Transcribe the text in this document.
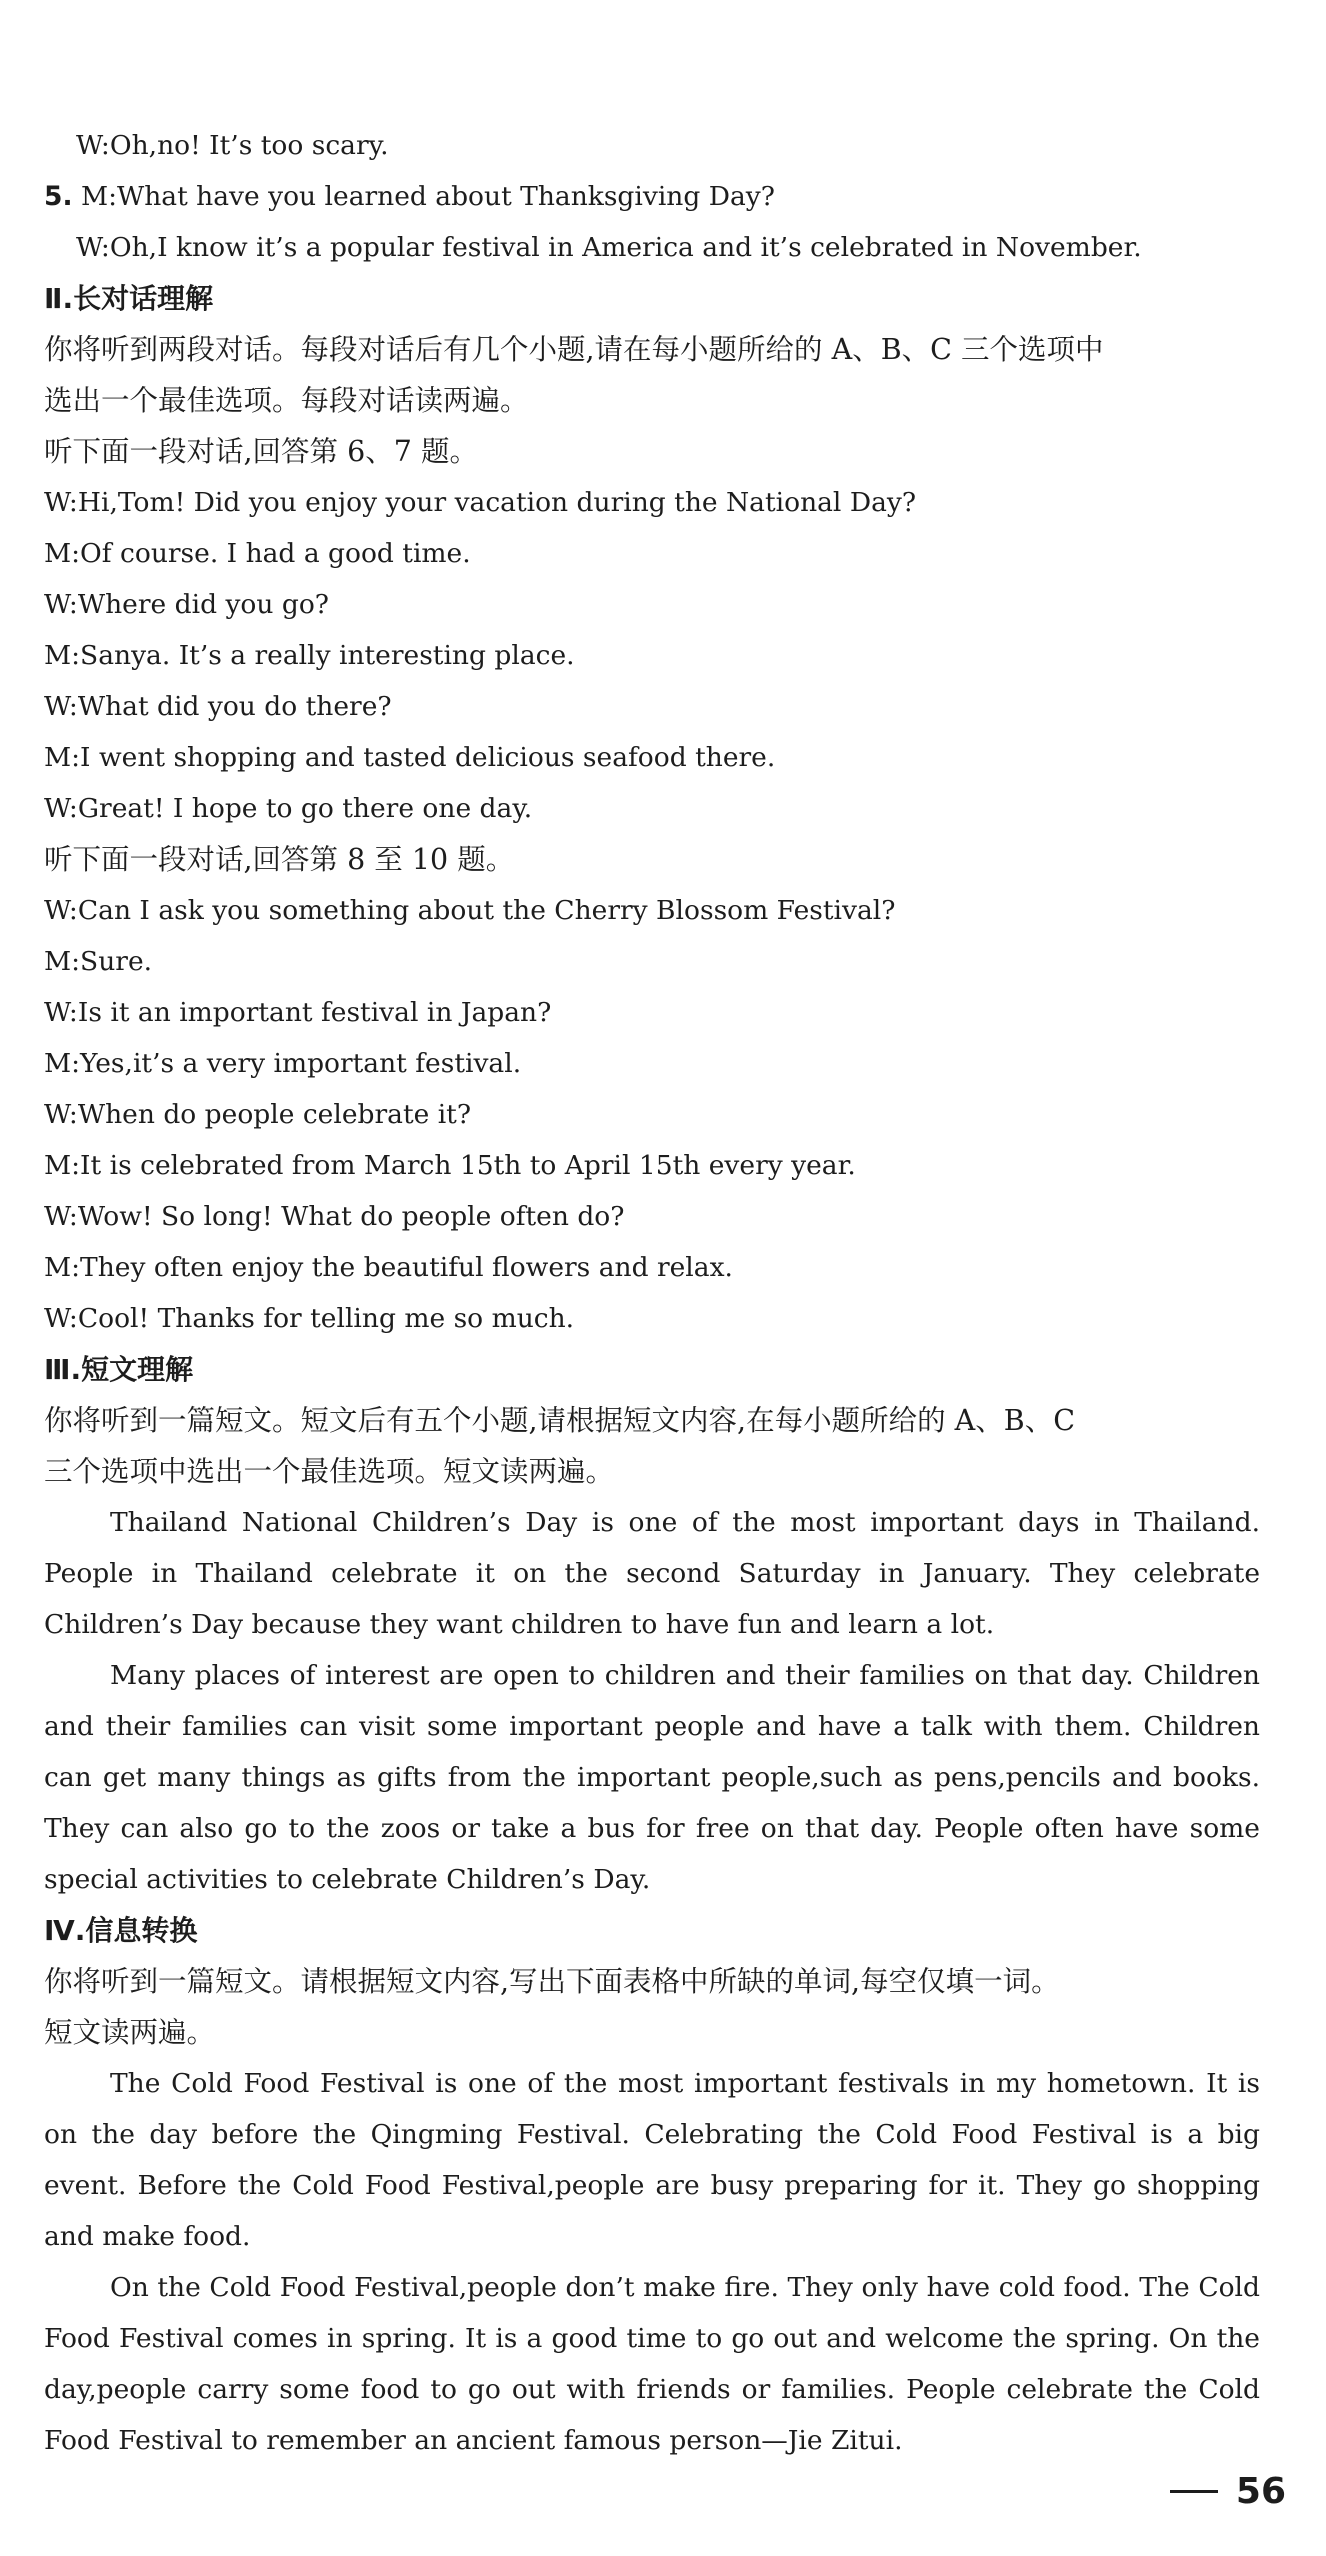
W:Oh,no! It’s too scary.
5. M:What have you learned about Thanksgiving Day?
W:Oh,I know it’s a popular festival in America and it’s celebrated in November.
Ⅱ.长对话理解
你将听到两段对话。每段对话后有几个小题,请在每小题所给的 A、B、C 三个选项中
选出一个最佳选项。每段对话读两遍。
听下面一段对话,回答第 6、7 题。
W:Hi,Tom! Did you enjoy your vacation during the National Day?
M:Of course. I had a good time.
W:Where did you go?
M:Sanya. It’s a really interesting place.
W:What did you do there?
M:I went shopping and tasted delicious seafood there.
W:Great! I hope to go there one day.
听下面一段对话,回答第 8 至 10 题。
W:Can I ask you something about the Cherry Blossom Festival?
M:Sure.
W:Is it an important festival in Japan?
M:Yes,it’s a very important festival.
W:When do people celebrate it?
M:It is celebrated from March 15th to April 15th every year.
W:Wow! So long! What do people often do?
M:They often enjoy the beautiful flowers and relax.
W:Cool! Thanks for telling me so much.
Ⅲ.短文理解
你将听到一篇短文。短文后有五个小题,请根据短文内容,在每小题所给的 A、B、C
三个选项中选出一个最佳选项。短文读两遍。
Thailand National Children’s Day is one of the most important days in Thailand. People in Thailand celebrate it on the second Saturday in January. They celebrate Children’s Day because they want children to have fun and learn a lot.
Many places of interest are open to children and their families on that day. Children and their families can visit some important people and have a talk with them. Children can get many things as gifts from the important people,such as pens,pencils and books. They can also go to the zoos or take a bus for free on that day. People often have some special activities to celebrate Children’s Day.
Ⅳ.信息转换
你将听到一篇短文。请根据短文内容,写出下面表格中所缺的单词,每空仅填一词。
短文读两遍。
The Cold Food Festival is one of the most important festivals in my hometown. It is on the day before the Qingming Festival. Celebrating the Cold Food Festival is a big event. Before the Cold Food Festival,people are busy preparing for it. They go shopping and make food.
On the Cold Food Festival,people don’t make fire. They only have cold food. The Cold Food Festival comes in spring. It is a good time to go out and welcome the spring. On the day,people carry some food to go out with friends or families. People celebrate the Cold Food Festival to remember an ancient famous person—Jie Zitui.
56
